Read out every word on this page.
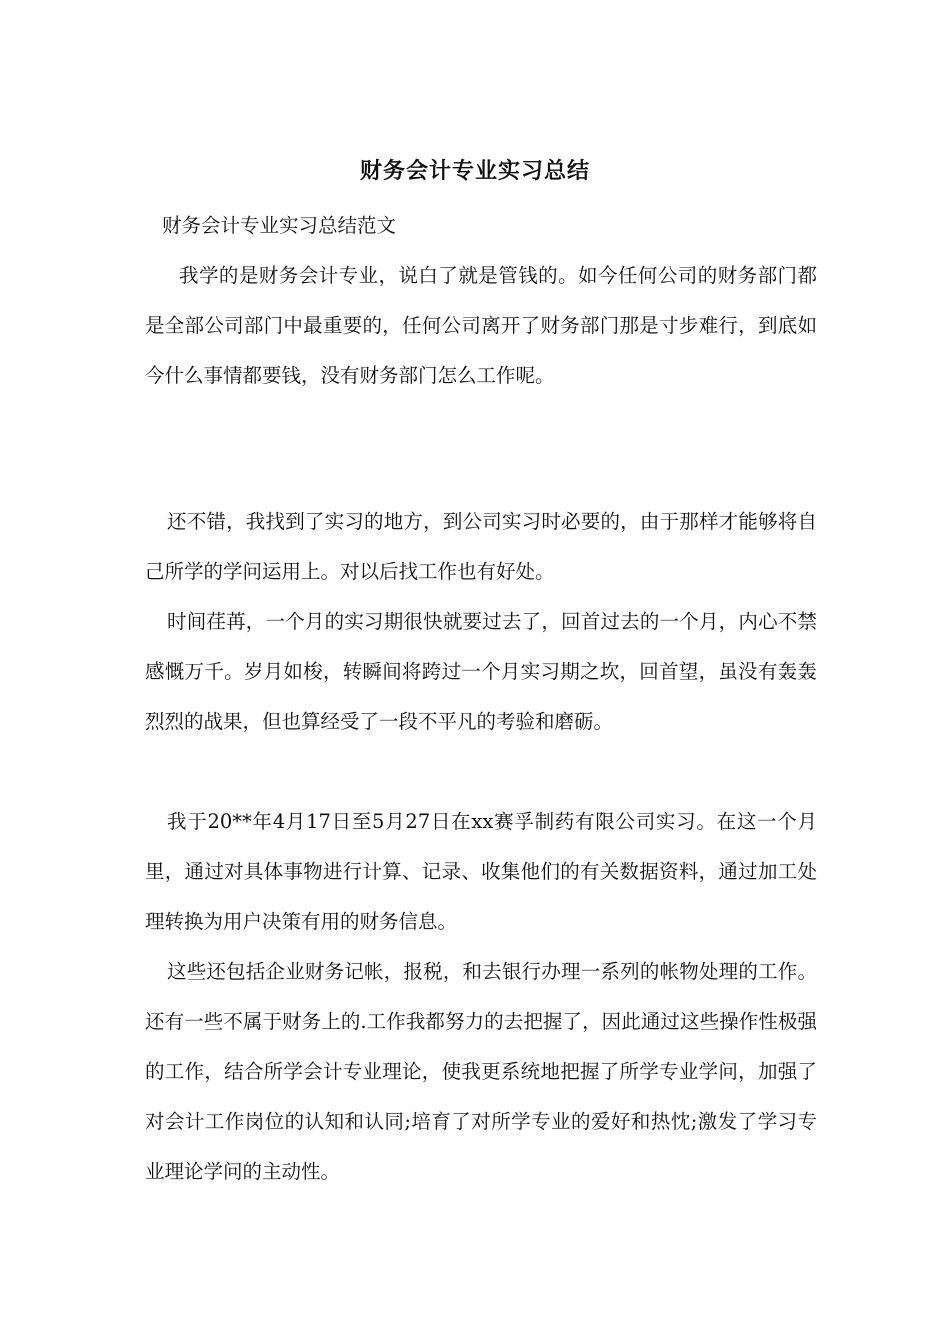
财务会计专业实习总结

财务会计专业实习总结范文

我学的是财务会计专业，说白了就是管钱的。如今任何公司的财务部门都是全部公司部门中最重要的，任何公司离开了财务部门那是寸步难行，到底如今什么事情都要钱，没有财务部门怎么工作呢。

还不错，我找到了实习的地方，到公司实习时必要的，由于那样才能够将自己所学的学问运用上。对以后找工作也有好处。

时间荏苒，一个月的实习期很快就要过去了，回首过去的一个月，内心不禁感慨万千。岁月如梭，转瞬间将跨过一个月实习期之坎，回首望，虽没有轰轰烈烈的战果，但也算经受了一段不平凡的考验和磨砺。

我于20**年4月17日至5月27日在xx赛孚制药有限公司实习。在这一个月里，通过对具体事物进行计算、记录、收集他们的有关数据资料，通过加工处理转换为用户决策有用的财务信息。

这些还包括企业财务记帐，报税，和去银行办理一系列的帐物处理的工作。还有一些不属于财务上的.工作我都努力的去把握了，因此通过这些操作性极强的工作，结合所学会计专业理论，使我更系统地把握了所学专业学问，加强了对会计工作岗位的认知和认同;培育了对所学专业的爱好和热忱;激发了学习专业理论学问的主动性。
